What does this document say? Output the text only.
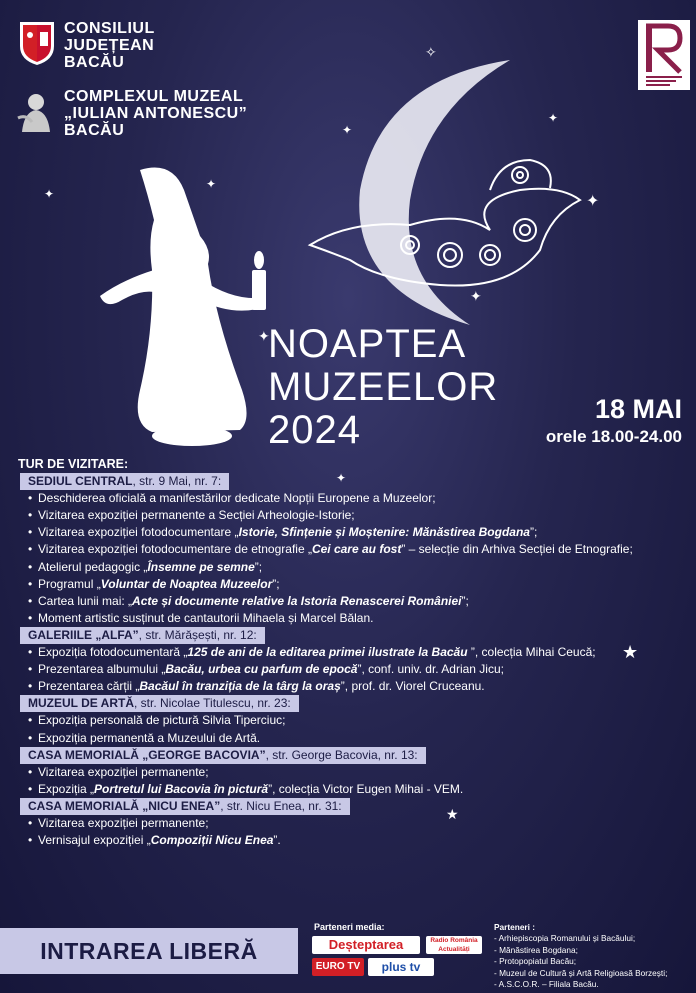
CONSILIUL
JUDEȚEAN
BACĂU
COMPLEXUL MUZEAL
„IULIAN ANTONESCU”
BACĂU
✦
✦
✦
✧
✦
✦
★
★
✦
✦
✦
NOAPTEA
MUZEELOR
2024	18 MAI
orele 18.00-24.00
TUR DE VIZITARE:
SEDIUL CENTRAL, str. 9 Mai, nr. 7:
• Deschiderea oficială a manifestărilor dedicate Nopții Europene a Muzeelor;
• Vizitarea expoziției permanente a Secției Arheologie-Istorie;
• Vizitarea expoziției fotodocumentare „Istorie, Sfințenie și Moștenire: Mănăstirea Bogdana”;
• Vizitarea expoziției fotodocumentare de etnografie „Cei care au fost” – selecție din Arhiva Secției de Etnografie;
• Atelierul pedagogic „Însemne pe semne”;
• Programul „Voluntar de Noaptea Muzeelor”;
• Cartea lunii mai: „Acte și documente relative la Istoria Renascerei României”;
• Moment artistic susținut de cantautorii Mihaela și Marcel Bălan.
GALERIILE „ALFA”, str. Mărășești, nr. 12:
• Expoziția fotodocumentară „125 de ani de la editarea primei ilustrate la Bacău ”, colecția Mihai Ceucă;
• Prezentarea albumului „Bacău, urbea cu parfum de epocă”, conf. univ. dr. Adrian Jicu;
• Prezentarea cărții „Bacăul în tranziția de la târg la oraș”, prof. dr. Viorel Cruceanu.
MUZEUL DE ARTĂ, str. Nicolae Titulescu, nr. 23:
• Expoziția personală de pictură Silvia Tiperciuc;
• Expoziția permanentă a Muzeului de Artă.
CASA MEMORIALĂ „GEORGE BACOVIA”, str. George Bacovia, nr. 13:
• Vizitarea expoziției permanente;
• Expoziția „Portretul lui Bacovia în pictură”, colecția Victor Eugen Mihai - VEM.
CASA MEMORIALĂ „NICU ENEA”, str. Nicu Enea, nr. 31:
• Vizitarea expoziției permanente;
• Vernisajul expoziției „Compoziții Nicu Enea”.
INTRAREA LIBERĂ
Parteneri media:
Deșteptarea	Radio România Actualități
EURO TV	plus tv
Parteneri :
- Arhiepiscopia Romanului și Bacăului;
- Mănăstirea Bogdana;
- Protopopiatul Bacău;
- Muzeul de Cultură și Artă Religioasă Borzești;
- A.S.C.O.R. – Filiala Bacău.
